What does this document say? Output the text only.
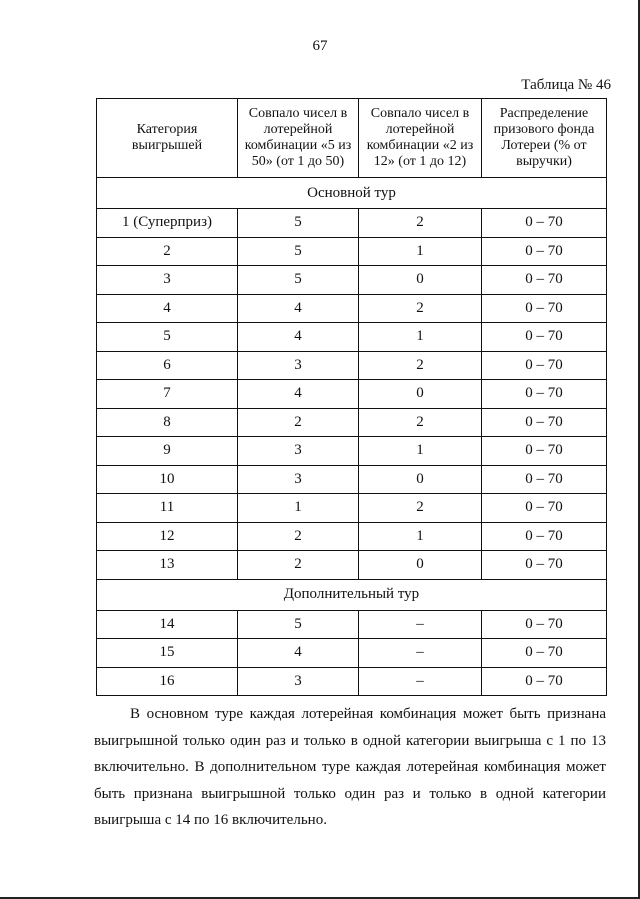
67
Таблица № 46
Категория выигрышей	Совпало чисел в лотерейной комбинации «5 из 50» (от 1 до 50)	Совпало чисел в лотерейной комбинации «2 из 12» (от 1 до 12)	Распределение призового фонда Лотереи (% от выручки)
Основной тур			
1 (Суперприз)	5	2	0 – 70
2	5	1	0 – 70
3	5	0	0 – 70
4	4	2	0 – 70
5	4	1	0 – 70
6	3	2	0 – 70
7	4	0	0 – 70
8	2	2	0 – 70
9	3	1	0 – 70
10	3	0	0 – 70
11	1	2	0 – 70
12	2	1	0 – 70
13	2	0	0 – 70
Дополнительный тур			
14	5	–	0 – 70
15	4	–	0 – 70
16	3	–	0 – 70

В основном туре каждая лотерейная комбинация может быть признана выигрышной только один раз и только в одной категории выигрыша с 1 по 13 включительно. В дополнительном туре каждая лотерейная комбинация может быть признана выигрышной только один раз и только в одной категории выигрыша с 14 по 16 включительно.
